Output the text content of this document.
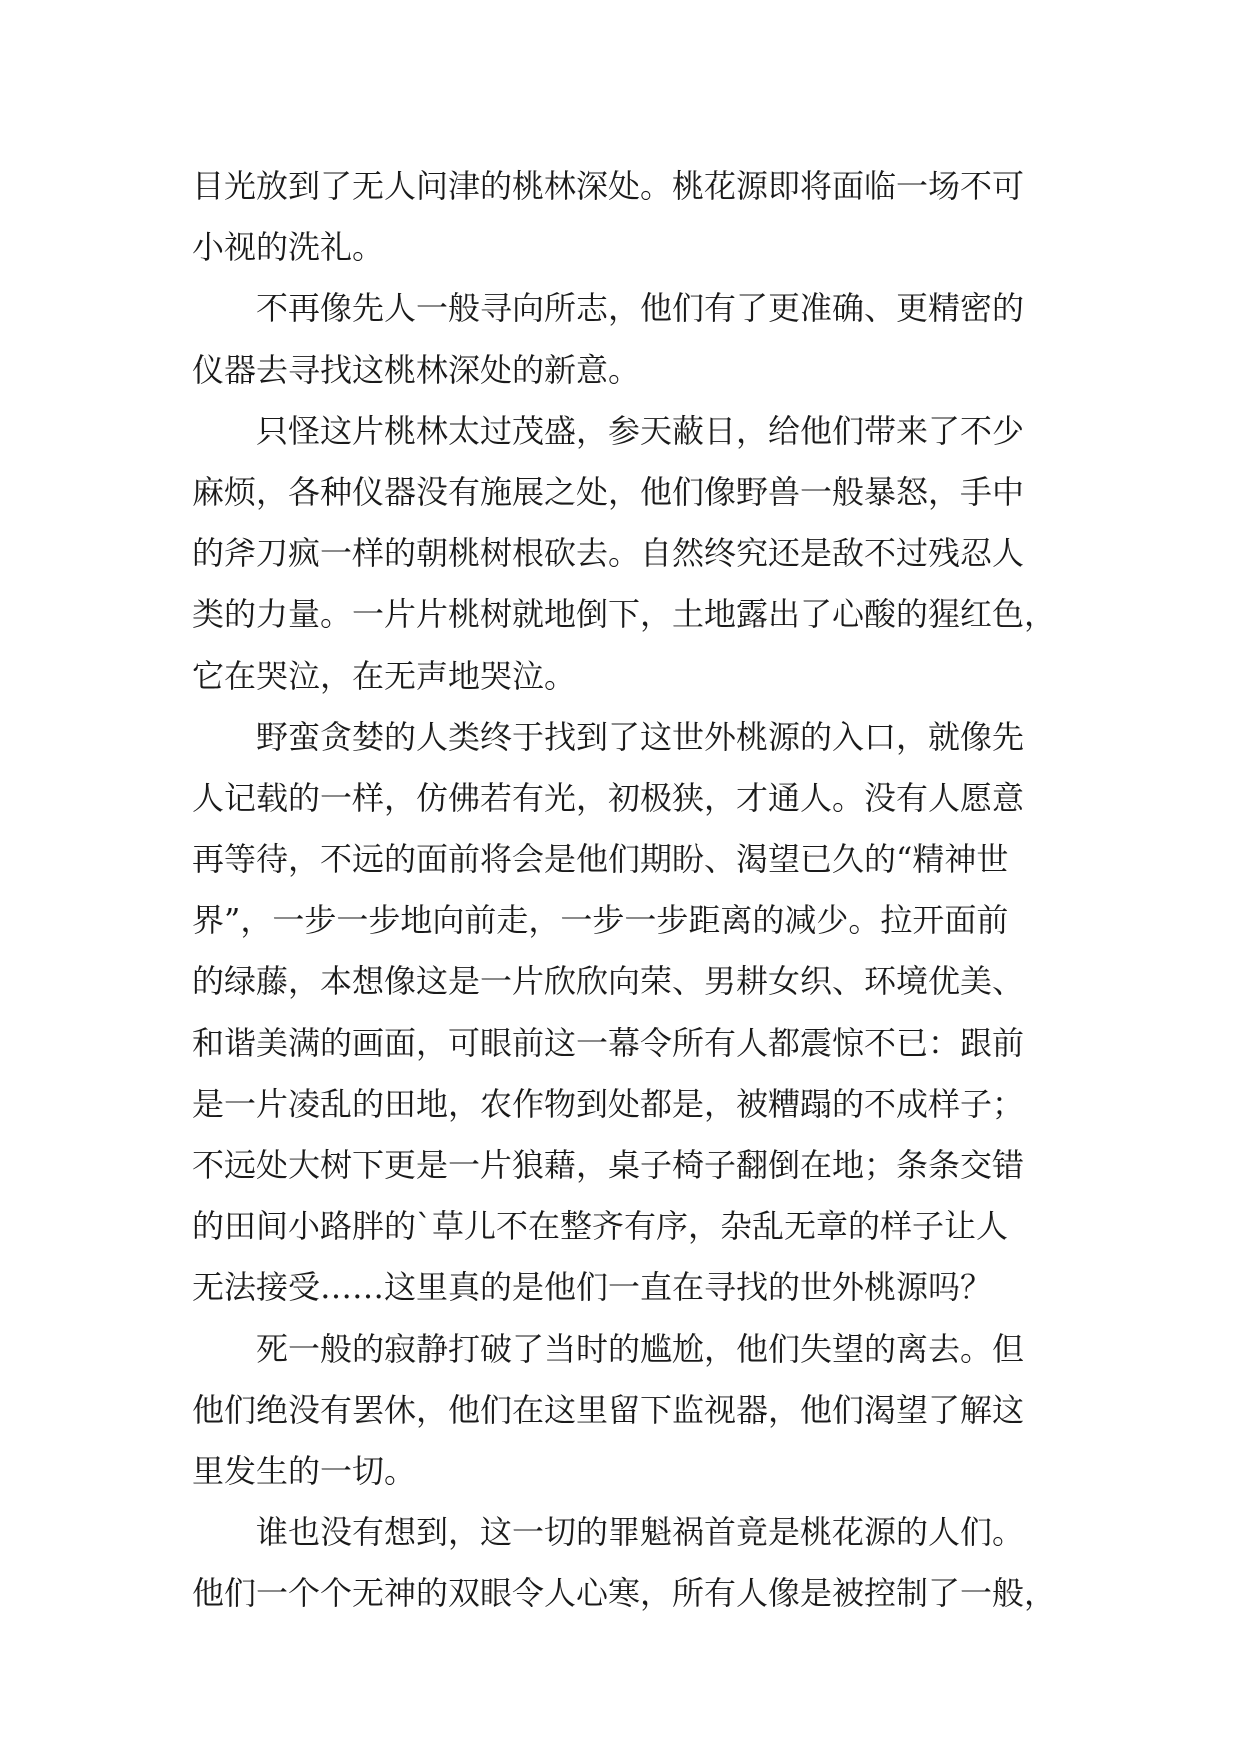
目光放到了无人问津的桃林深处。桃花源即将面临一场不可
小视的洗礼。
不再像先人一般寻向所志，他们有了更准确、更精密的
仪器去寻找这桃林深处的新意。
只怪这片桃林太过茂盛，参天蔽日，给他们带来了不少
麻烦，各种仪器没有施展之处，他们像野兽一般暴怒，手中
的斧刀疯一样的朝桃树根砍去。自然终究还是敌不过残忍人
类的力量。一片片桃树就地倒下，土地露出了心酸的猩红色，
它在哭泣，在无声地哭泣。
野蛮贪婪的人类终于找到了这世外桃源的入口，就像先
人记载的一样，仿佛若有光，初极狭，才通人。没有人愿意
再等待，不远的面前将会是他们期盼、渴望已久的“精神世
界”，一步一步地向前走，一步一步距离的减少。拉开面前
的绿藤，本想像这是一片欣欣向荣、男耕女织、环境优美、
和谐美满的画面，可眼前这一幕令所有人都震惊不已：跟前
是一片凌乱的田地，农作物到处都是，被糟蹋的不成样子；
不远处大树下更是一片狼藉，桌子椅子翻倒在地；条条交错
的田间小路胖的`草儿不在整齐有序，杂乱无章的样子让人
无法接受……这里真的是他们一直在寻找的世外桃源吗？
死一般的寂静打破了当时的尴尬，他们失望的离去。但
他们绝没有罢休，他们在这里留下监视器，他们渴望了解这
里发生的一切。
谁也没有想到，这一切的罪魁祸首竟是桃花源的人们。
他们一个个无神的双眼令人心寒，所有人像是被控制了一般，
